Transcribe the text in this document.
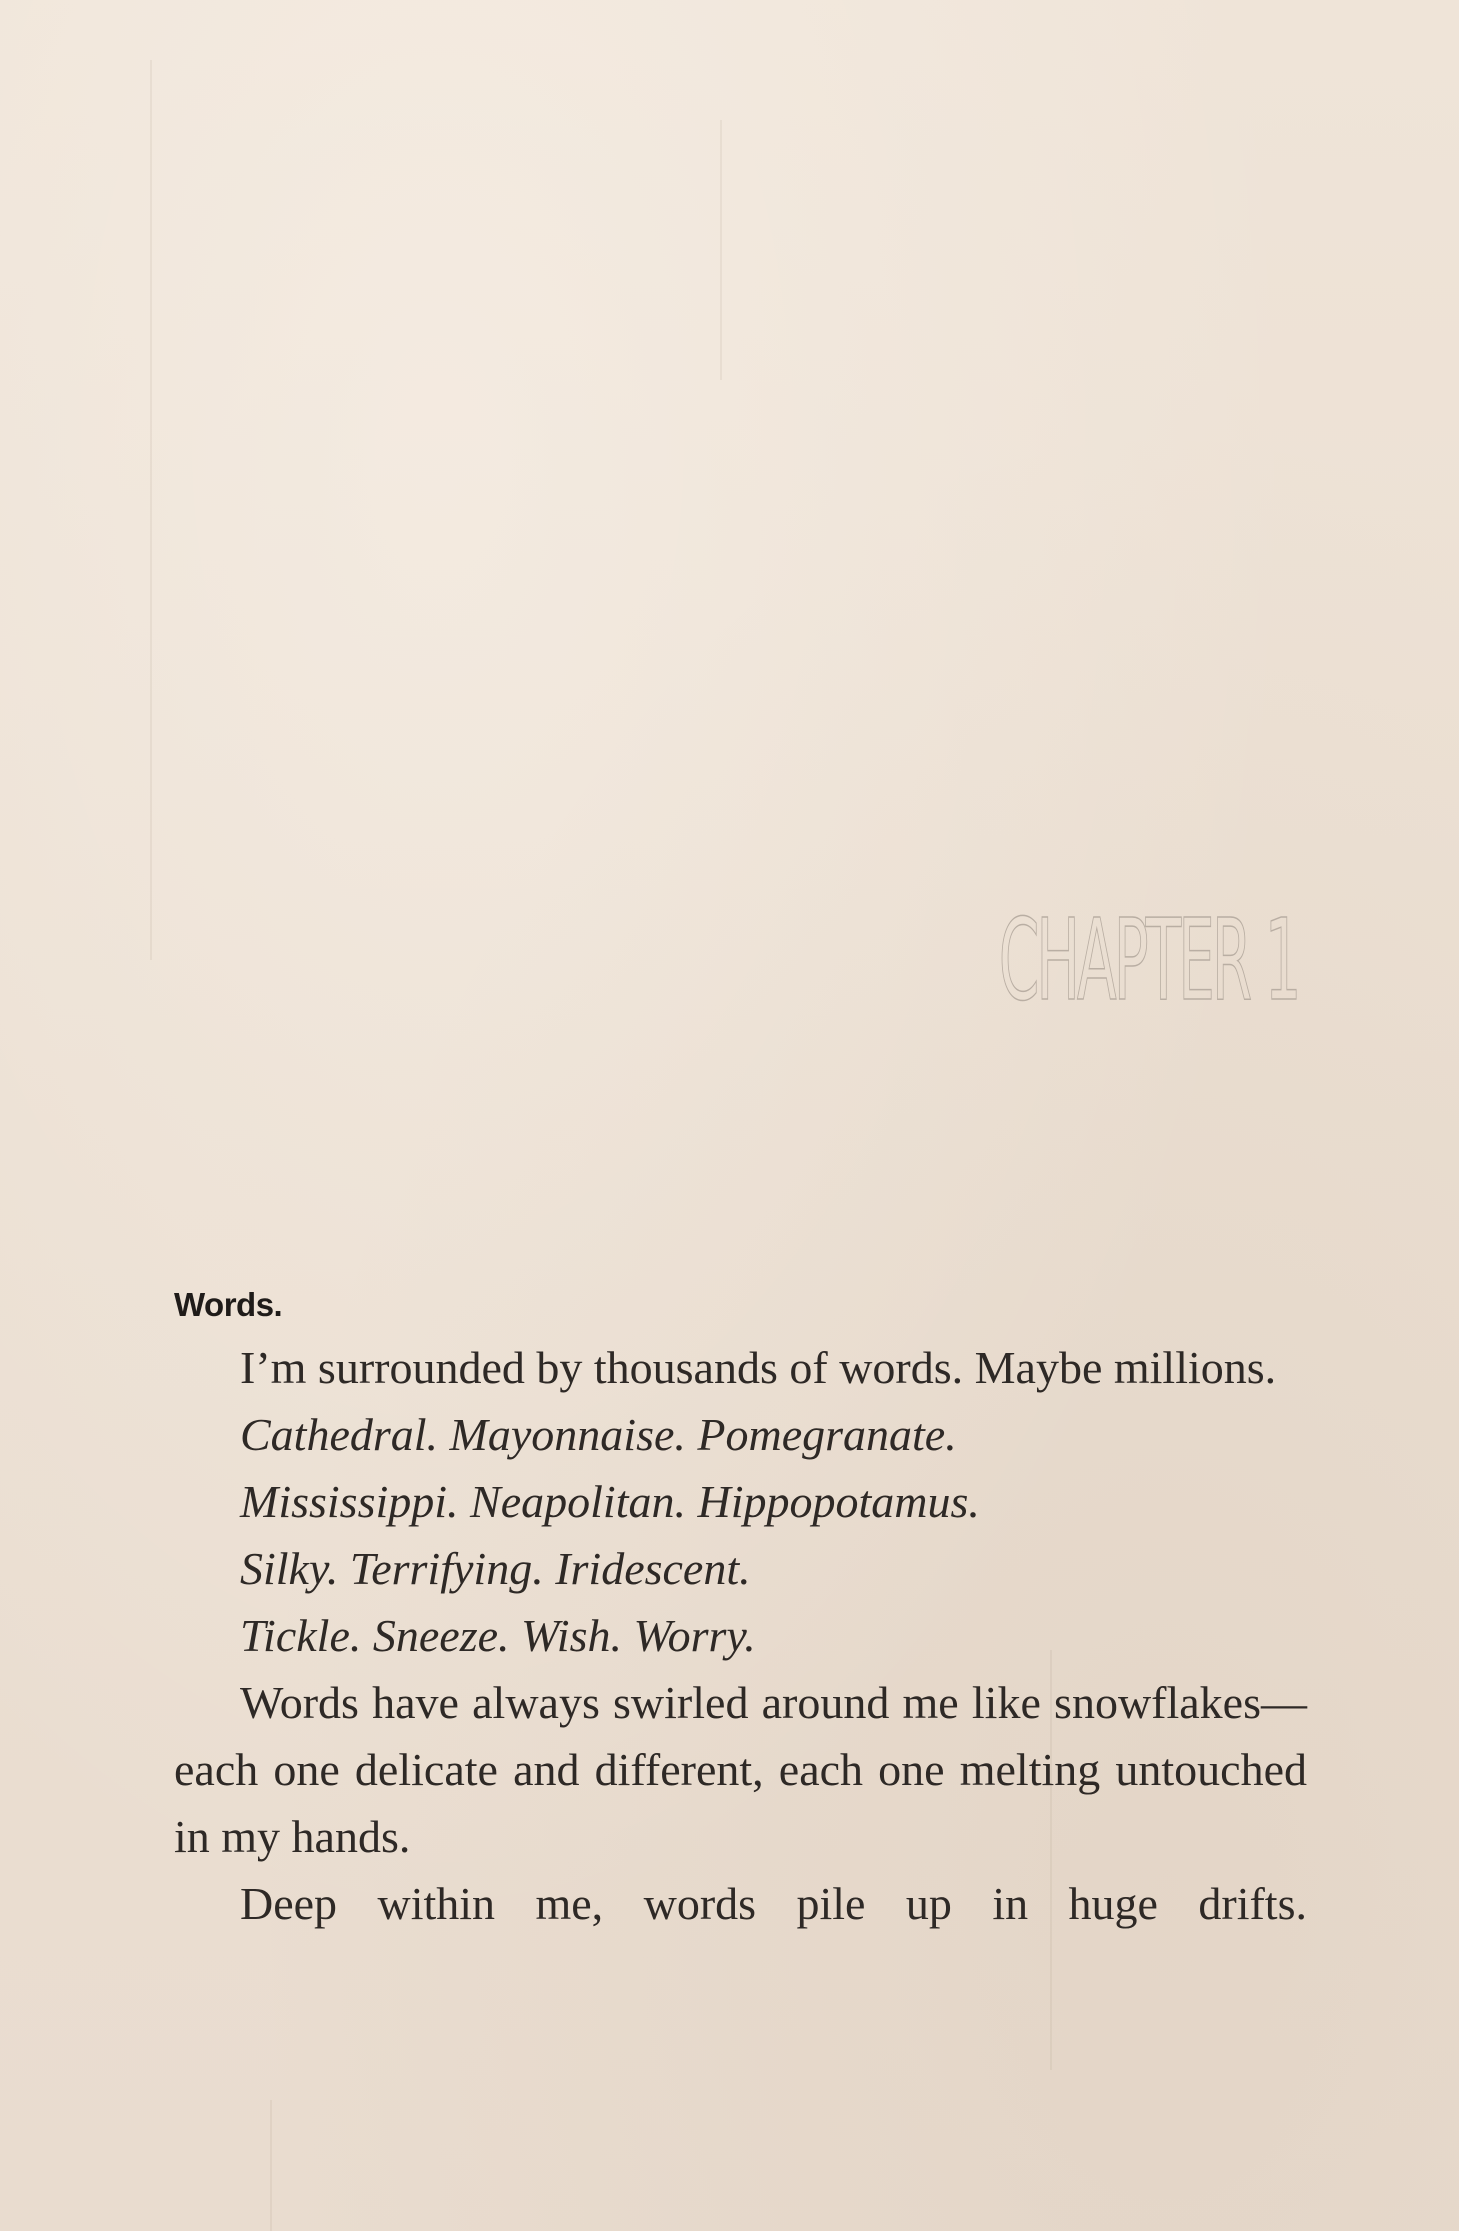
CHAPTER 1
Words.

I’m surrounded by thousands of words. Maybe millions.

Cathedral. Mayonnaise. Pomegranate.

Mississippi. Neapolitan. Hippopotamus.

Silky. Terrifying. Iridescent.

Tickle. Sneeze. Wish. Worry.

Words have always swirled around me like snowflakes—each one delicate and different, each one melting untouched in my hands.

Deep within me, words pile up in huge drifts.
